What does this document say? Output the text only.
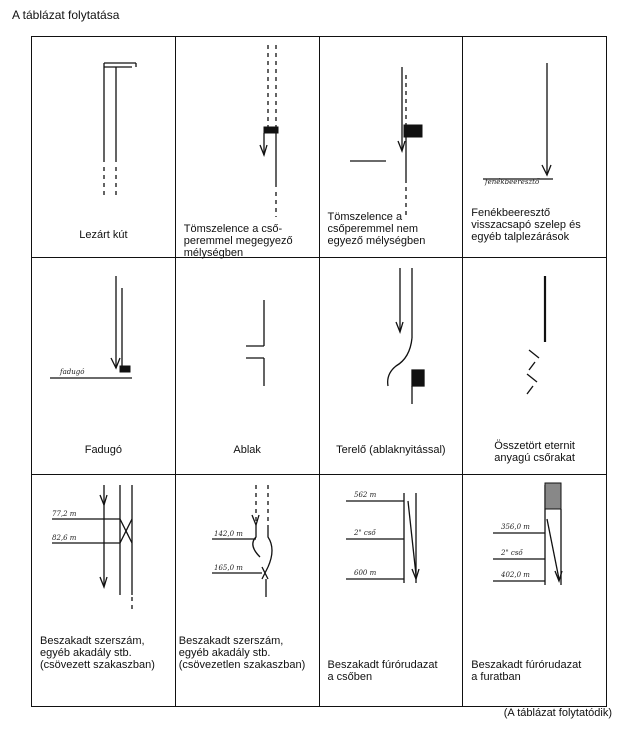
A táblázat folytatása
Lezárt kút	Tömszelence a cső-
peremmel megegyező
mélységben	Tömszelence a
csőperemmel nem
egyező mélységben	fenékbeeresztő
Fenékbeeresztő
visszacsapó szelep és
egyéb talplezárások

fadugó
Fadugó	Ablak	Terelő (ablaknyitással)	Összetört eternit
anyagú csőrakat

77,2 m
82,6 m
Beszakadt szerszám,
egyéb akadály stb.
(csövezett szakaszban)	142,0 m
165,0 m
Beszakadt szerszám,
egyéb akadály stb.
(csövezetlen szakaszban)	562 m
2" cső
600 m
Beszakadt fúrórudazat
a csőben	356,0 m
2" cső
402,0 m
Beszakadt fúrórudazat
a furatban
(A táblázat folytatódik)
